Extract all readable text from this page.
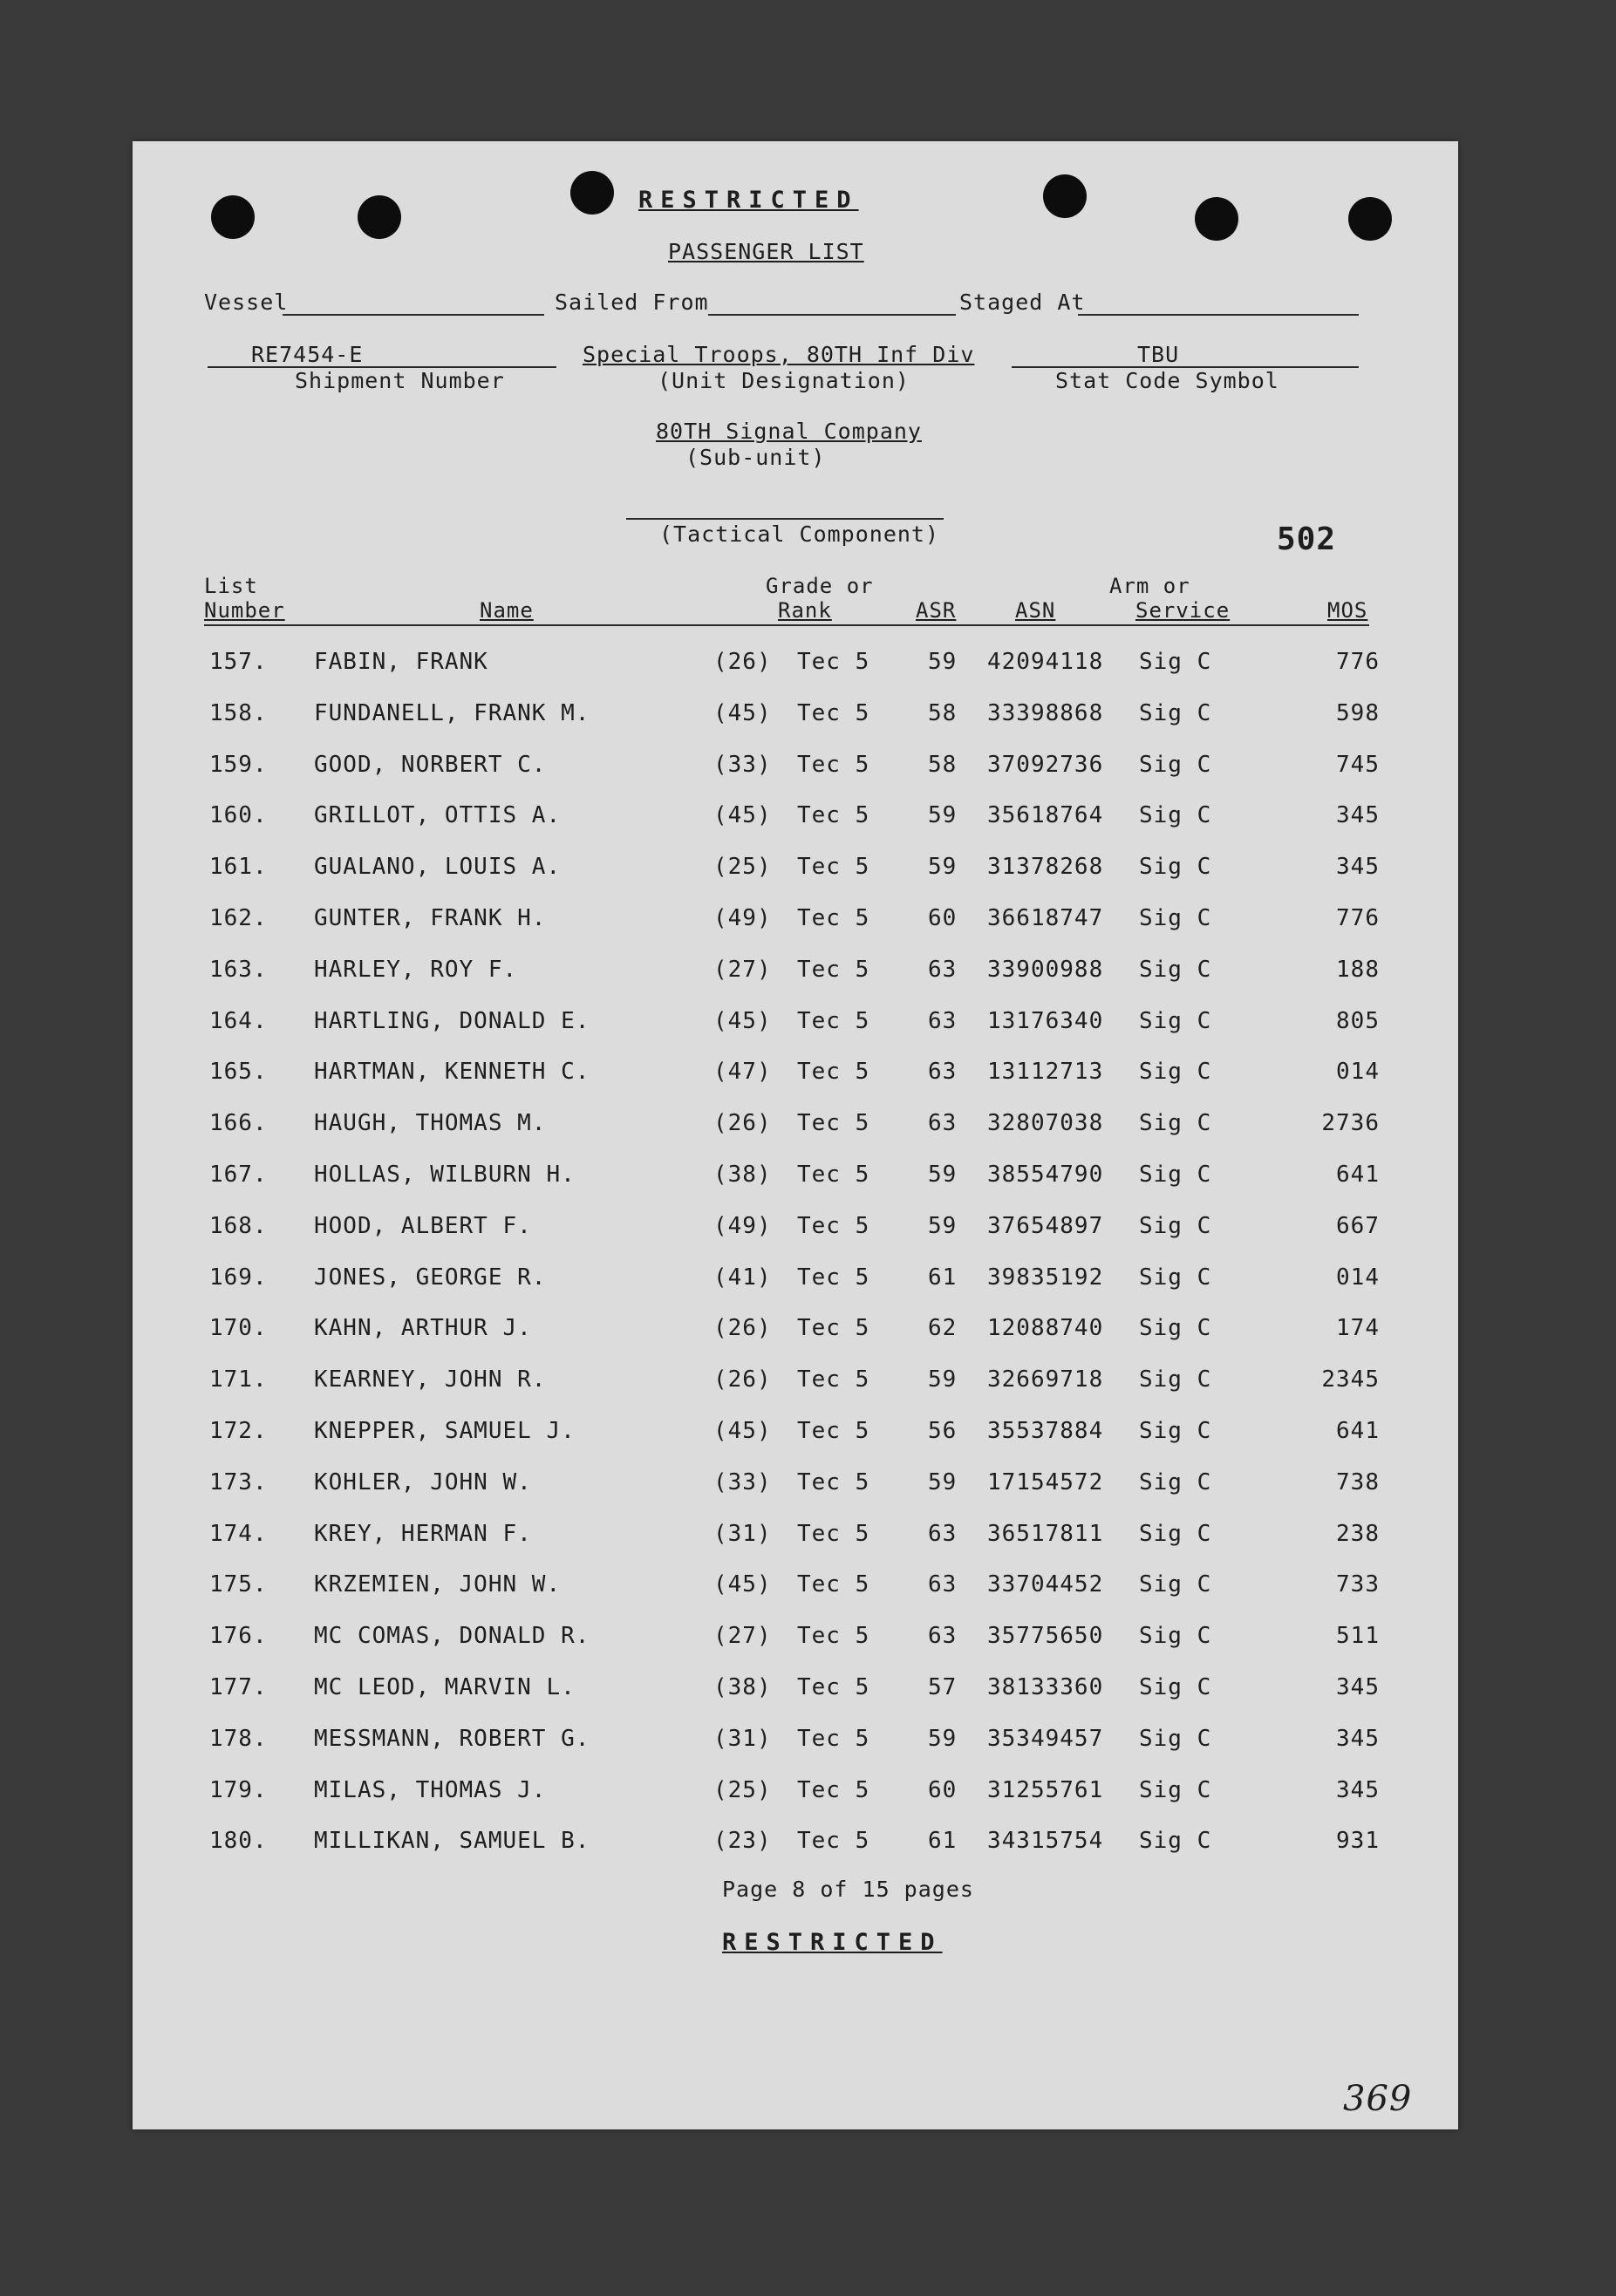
RESTRICTED
PASSENGER LIST
Vessel	Sailed From	Staged At
RE7454-E
Shipment Number
Special Troops, 80TH Inf Div
(Unit Designation)
TBU
Stat Code Symbol
80TH Signal Company
(Sub-unit)
(Tactical Component)	502
List
Number	Name
Grade or
Rank	ASR	ASN
Arm or
Service	MOS
157. FABIN, FRANK	(26) Tec 5	59 42094118 Sig C	776
158. FUNDANELL, FRANK M.	(45) Tec 5	58 33398868 Sig C	598
159. GOOD, NORBERT C.	(33) Tec 5	58 37092736 Sig C	745
160. GRILLOT, OTTIS A.	(45) Tec 5	59 35618764 Sig C	345
161. GUALANO, LOUIS A.	(25) Tec 5	59 31378268 Sig C	345
162. GUNTER, FRANK H.	(49) Tec 5	60 36618747 Sig C	776
163. HARLEY, ROY F.	(27) Tec 5	63 33900988 Sig C	188
164. HARTLING, DONALD E.	(45) Tec 5	63 13176340 Sig C	805
165. HARTMAN, KENNETH C.	(47) Tec 5	63 13112713 Sig C	014
166. HAUGH, THOMAS M.	(26) Tec 5	63 32807038 Sig C	2736
167. HOLLAS, WILBURN H.	(38) Tec 5	59 38554790 Sig C	641
168. HOOD, ALBERT F.	(49) Tec 5	59 37654897 Sig C	667
169. JONES, GEORGE R.	(41) Tec 5	61 39835192 Sig C	014
170. KAHN, ARTHUR J.	(26) Tec 5	62 12088740 Sig C	174
171. KEARNEY, JOHN R.	(26) Tec 5	59 32669718 Sig C	2345
172. KNEPPER, SAMUEL J.	(45) Tec 5	56 35537884 Sig C	641
173. KOHLER, JOHN W.	(33) Tec 5	59 17154572 Sig C	738
174. KREY, HERMAN F.	(31) Tec 5	63 36517811 Sig C	238
175. KRZEMIEN, JOHN W.	(45) Tec 5	63 33704452 Sig C	733
176. MC COMAS, DONALD R.	(27) Tec 5	63 35775650 Sig C	511
177. MC LEOD, MARVIN L.	(38) Tec 5	57 38133360 Sig C	345
178. MESSMANN, ROBERT G.	(31) Tec 5	59 35349457 Sig C	345
179. MILAS, THOMAS J.	(25) Tec 5	60 31255761 Sig C	345
180. MILLIKAN, SAMUEL B.	(23) Tec 5	61 34315754 Sig C	931
Page 8 of 15 pages
RESTRICTED
369
